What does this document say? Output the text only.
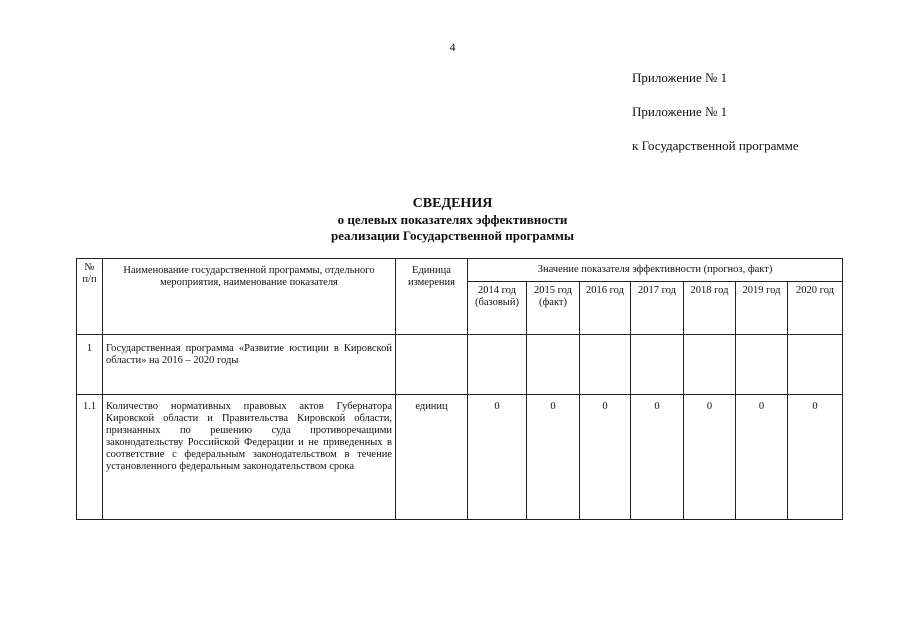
4
Приложение № 1
Приложение № 1
к Государственной программе
СВЕДЕНИЯ
о целевых показателях эффективности
реализации Государственной программы
№ п/п	Наименование государственной программы, отдельного мероприятия, наименование показателя	Единица измерения	Значение показателя эффективности (прогноз, факт)						
			2014 год (базовый)	2015 год (факт)	2016 год	2017 год	2018 год	2019 год	2020 год
1	Государственная программа «Развитие юстиции в Кировской области» на 2016 – 2020 годы								
1.1	Количество нормативных правовых актов Губернатора Кировской области и Правительства Кировской области, признанных по решению суда противоречащими законодательству Российской Федерации и не приведенных в соответствие с федеральным законодательством в течение установленного федеральным законодательством срока	единиц	0	0	0	0	0	0	0
